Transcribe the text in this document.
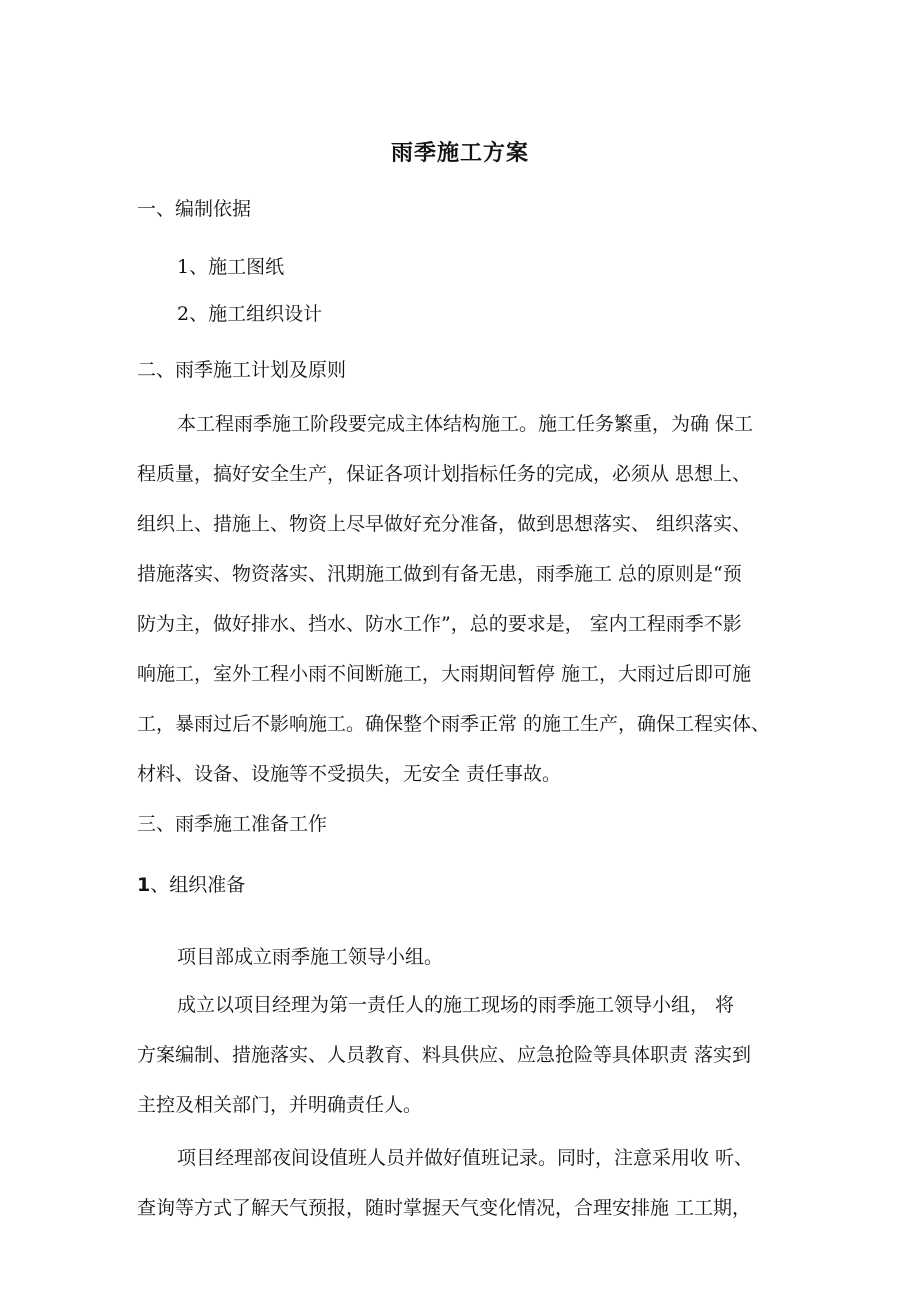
雨季施工方案
一、编制依据
1、施工图纸
2、施工组织设计
二、雨季施工计划及原则
本工程雨季施工阶段要完成主体结构施工。施工任务繁重，为确 保工
程质量，搞好安全生产，保证各项计划指标任务的完成，必须从 思想上、
组织上、措施上、物资上尽早做好充分准备，做到思想落实、 组织落实、
措施落实、物资落实、汛期施工做到有备无患，雨季施工 总的原则是“预
防为主，做好排水、挡水、防水工作”，总的要求是， 室内工程雨季不影
响施工，室外工程小雨不间断施工，大雨期间暂停 施工，大雨过后即可施
工，暴雨过后不影响施工。确保整个雨季正常 的施工生产，确保工程实体、
材料、设备、设施等不受损失，无安全 责任事故。
三、雨季施工准备工作
1、组织准备
项目部成立雨季施工领导小组。
成立以项目经理为第一责任人的施工现场的雨季施工领导小组， 将
方案编制、措施落实、人员教育、料具供应、应急抢险等具体职责 落实到
主控及相关部门，并明确责任人。
项目经理部夜间设值班人员并做好值班记录。同时，注意采用收 听、
查询等方式了解天气预报，随时掌握天气变化情况，合理安排施 工工期，
